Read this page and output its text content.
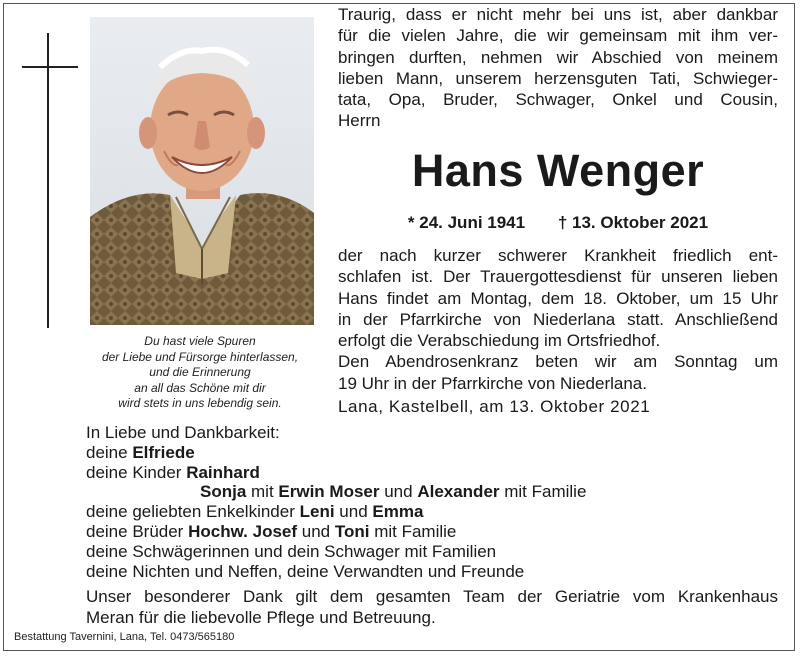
Du hast viele Spuren
der Liebe und Fürsorge hinterlassen,
und die Erinnerung
an all das Schöne mit dir
wird stets in uns lebendig sein.
Traurig, dass er nicht mehr bei uns ist, aber dankbar
für die vielen Jahre, die wir gemeinsam mit ihm ver-
bringen durften, nehmen wir Abschied von meinem
lieben Mann, unserem herzensguten Tati, Schwieger-
tata, Opa, Bruder, Schwager, Onkel und Cousin,
Herrn
Hans Wenger
* 24. Juni 1941 † 13. Oktober 2021
der nach kurzer schwerer Krankheit friedlich ent-
schlafen ist. Der Trauergottesdienst für unseren lieben
Hans findet am Montag, dem 18. Oktober, um 15 Uhr
in der Pfarrkirche von Niederlana statt. Anschließend
erfolgt die Verabschiedung im Ortsfriedhof.
Den Abendrosenkranz beten wir am Sonntag um
19 Uhr in der Pfarrkirche von Niederlana.
Lana, Kastelbell, am 13. Oktober 2021
In Liebe und Dankbarkeit:
deine Elfriede
deine Kinder Rainhard
Sonja mit Erwin Moser und Alexander mit Familie
deine geliebten Enkelkinder Leni und Emma
deine Brüder Hochw. Josef und Toni mit Familie
deine Schwägerinnen und dein Schwager mit Familien
deine Nichten und Neffen, deine Verwandten und Freunde
Unser besonderer Dank gilt dem gesamten Team der Geriatrie vom Krankenhaus
Meran für die liebevolle Pflege und Betreuung.
Bestattung Tavernini, Lana, Tel. 0473/565180
